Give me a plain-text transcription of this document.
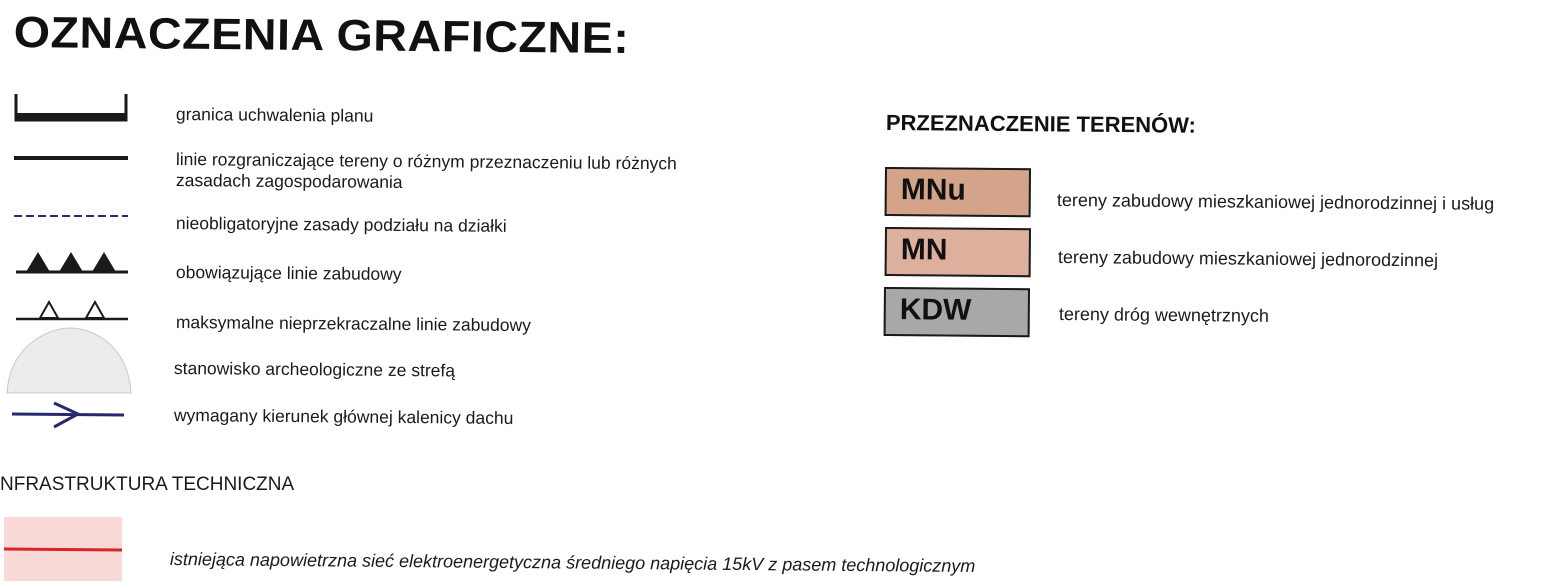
OZNACZENIA GRAFICZNE:
granica uchwalenia planu
linie rozgraniczające tereny o różnym przeznaczeniu lub różnych
zasadach zagospodarowania
nieobligatoryjne zasady podziału na działki
obowiązujące linie zabudowy
maksymalne nieprzekraczalne linie zabudowy
stanowisko archeologiczne ze strefą
wymagany kierunek głównej kalenicy dachu
PRZEZNACZENIE TERENÓW:
MNu	tereny zabudowy mieszkaniowej jednorodzinnej i usług
MN	tereny zabudowy mieszkaniowej jednorodzinnej
KDW	tereny dróg wewnętrznych
NFRASTRUKTURA TECHNICZNA
istniejąca napowietrzna sieć elektroenergetyczna średniego napięcia 15kV z pasem technologicznym
